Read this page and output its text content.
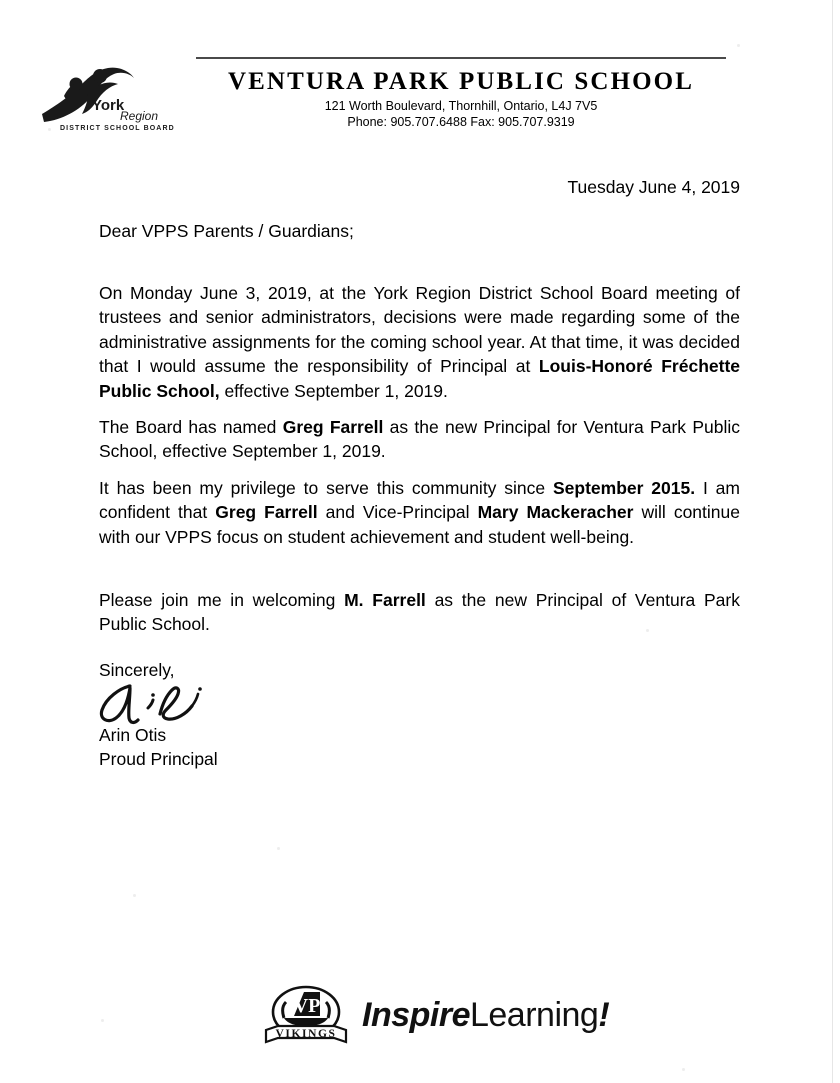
York
Region
DISTRICT SCHOOL BOARD
VENTURA PARK PUBLIC SCHOOL
121 Worth Boulevard, Thornhill, Ontario, L4J 7V5
Phone: 905.707.6488 Fax: 905.707.9319
Tuesday June 4, 2019
Dear VPPS Parents / Guardians;

On Monday June 3, 2019, at the York Region District School Board meeting of trustees and senior administrators, decisions were made regarding some of the administrative assignments for the coming school year. At that time, it was decided that I would assume the responsibility of Principal at Louis-Honoré Fréchette Public School, effective September 1, 2019.

The Board has named Greg Farrell as the new Principal for Ventura Park Public School, effective September 1, 2019.

It has been my privilege to serve this community since September 2015. I am confident that Greg Farrell and Vice-Principal Mary Mackeracher will continue with our VPPS focus on student achievement and student well-being.

Please join me in welcoming M. Farrell as the new Principal of Ventura Park Public School.

Sincerely,
Arin Otis
Proud Principal
VP
VIKINGS InspireLearning!
